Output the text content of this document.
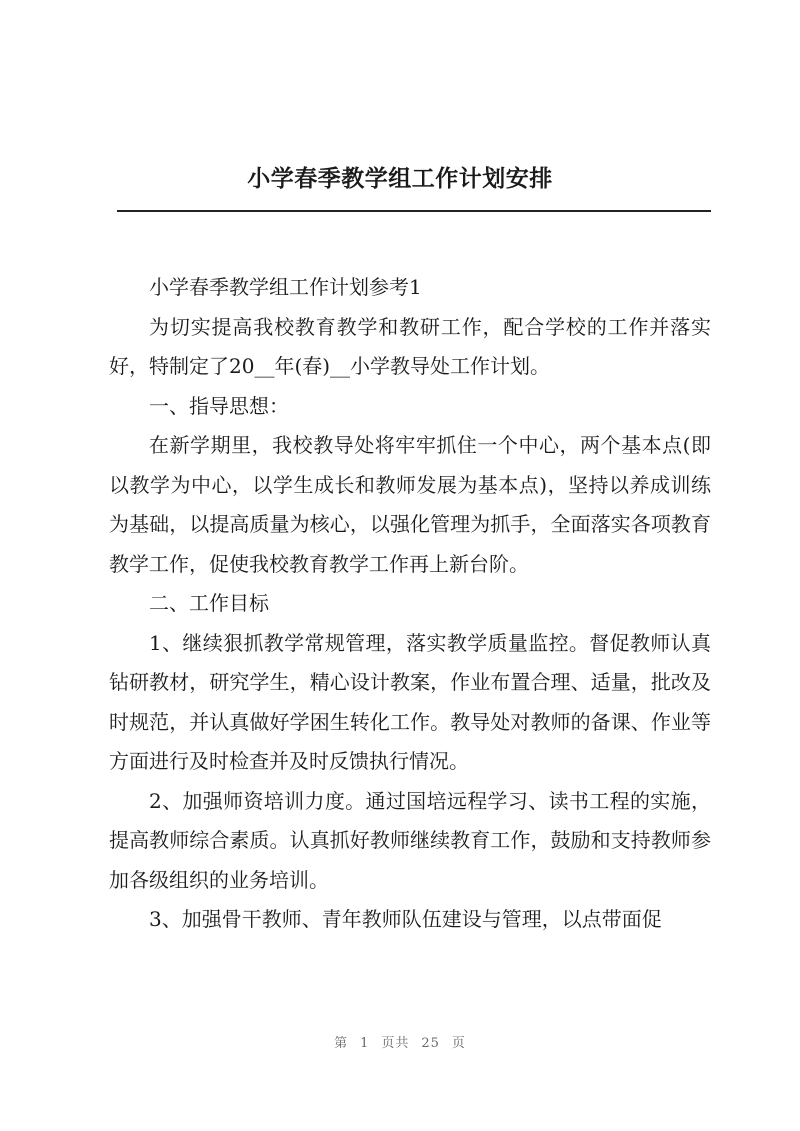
小学春季教学组工作计划安排

小学春季教学组工作计划参考1

为切实提高我校教育教学和教研工作，配合学校的工作并落实好，特制定了20__年(春)__小学教导处工作计划。

一、指导思想：

在新学期里，我校教导处将牢牢抓住一个中心，两个基本点(即以教学为中心，以学生成长和教师发展为基本点)，坚持以养成训练为基础，以提高质量为核心，以强化管理为抓手，全面落实各项教育教学工作，促使我校教育教学工作再上新台阶。

二、工作目标

1、继续狠抓教学常规管理，落实教学质量监控。督促教师认真钻研教材，研究学生，精心设计教案，作业布置合理、适量，批改及时规范，并认真做好学困生转化工作。教导处对教师的备课、作业等方面进行及时检查并及时反馈执行情况。

2、加强师资培训力度。通过国培远程学习、读书工程的实施，提高教师综合素质。认真抓好教师继续教育工作，鼓励和支持教师参加各级组织的业务培训。

3、加强骨干教师、青年教师队伍建设与管理，以点带面促

第 1 页共 25 页
